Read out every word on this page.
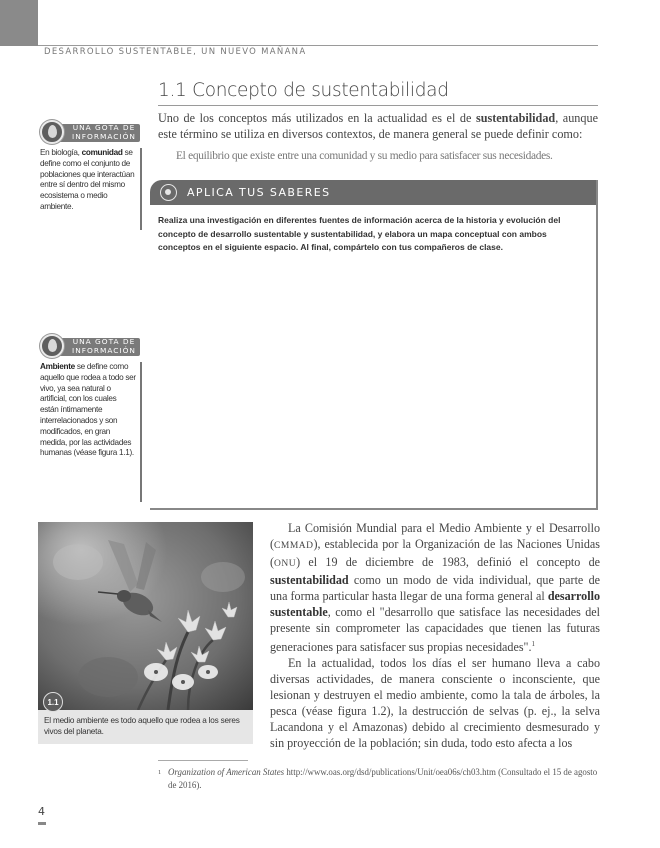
DESARROLLO SUSTENTABLE, UN NUEVO MAÑANA
1.1 Concepto de sustentabilidad

Uno de los conceptos más utilizados en la actualidad es el de sustentabilidad, aunque este término se utiliza en diversos contextos, de manera general se puede definir como:

El equilibrio que existe entre una comunidad y su medio para satisfacer sus necesidades.

UNA GOTA DE INFORMACIÓN
En biología, comunidad se define como el conjunto de poblaciones que interactúan entre sí dentro del mismo ecosistema o medio ambiente.
UNA GOTA DE INFORMACIÓN
Ambiente se define como aquello que rodea a todo ser vivo, ya sea natural o artificial, con los cuales están íntimamente interrelacionados y son modificados, en gran medida, por las actividades humanas (véase figura 1.1).
APLICA TUS SABERES
Realiza una investigación en diferentes fuentes de información acerca de la historia y evolución del concepto de desarrollo sustentable y sustentabilidad, y elabora un mapa conceptual con ambos conceptos en el siguiente espacio. Al final, compártelo con tus compañeros de clase.
1.1
El medio ambiente es todo aquello que rodea a los seres vivos del planeta.

La Comisión Mundial para el Medio Ambiente y el Desarrollo (CMMAD), establecida por la Organización de las Naciones Unidas (ONU) el 19 de diciembre de 1983, definió el concepto de sustentabilidad como un modo de vida individual, que parte de una forma particular hasta llegar de una forma general al desarrollo sustentable, como el "desarrollo que satisface las necesidades del presente sin comprometer las capacidades que tienen las futuras generaciones para satisfacer sus propias necesidades".$^1$

En la actualidad, todos los días el ser humano lleva a cabo diversas actividades, de manera consciente o inconsciente, que lesionan y destruyen el medio ambiente, como la tala de árboles, la pesca (véase figura 1.2), la destrucción de selvas (p. ej., la selva Lacandona y el Amazonas) debido al crecimiento desmesurado y sin proyección de la población; sin duda, todo esto afecta a los

1 Organization of American States http://www.oas.org/dsd/publications/Unit/oea06s/ch03.htm (Consultado el 15 de agosto de 2016).
4
